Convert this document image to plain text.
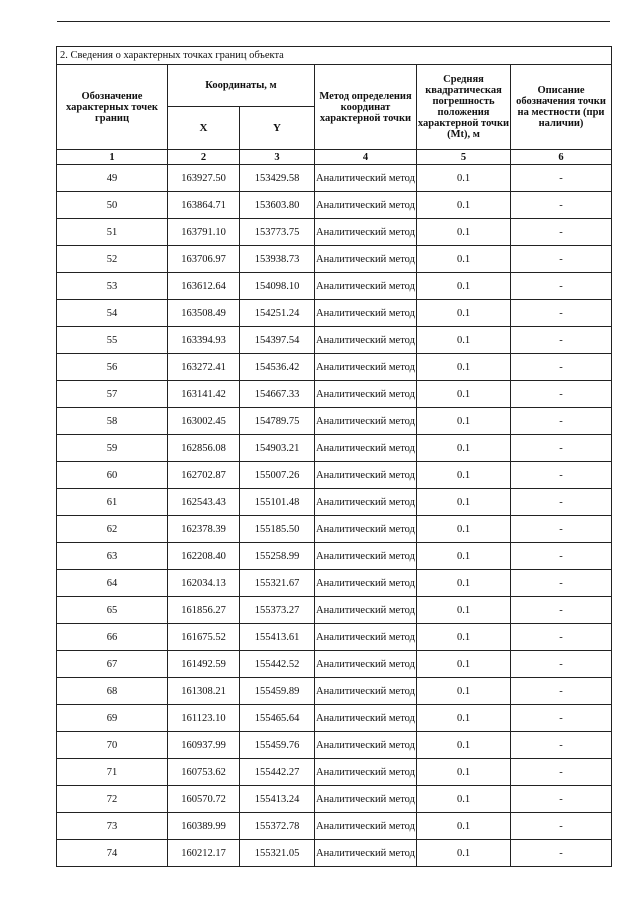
2. Сведения о характерных точках границ объекта					
Обозначение характерных точек границ	Координаты, м		Метод определения координат характерной точки	Средняя квадратическая погрешность положения характерной точки (Mt), м	Описание обозначения точки на местности (при наличии)
	X	Y			
1	2	3	4	5	6
49	163927.50	153429.58	Аналитический метод	0.1	-
50	163864.71	153603.80	Аналитический метод	0.1	-
51	163791.10	153773.75	Аналитический метод	0.1	-
52	163706.97	153938.73	Аналитический метод	0.1	-
53	163612.64	154098.10	Аналитический метод	0.1	-
54	163508.49	154251.24	Аналитический метод	0.1	-
55	163394.93	154397.54	Аналитический метод	0.1	-
56	163272.41	154536.42	Аналитический метод	0.1	-
57	163141.42	154667.33	Аналитический метод	0.1	-
58	163002.45	154789.75	Аналитический метод	0.1	-
59	162856.08	154903.21	Аналитический метод	0.1	-
60	162702.87	155007.26	Аналитический метод	0.1	-
61	162543.43	155101.48	Аналитический метод	0.1	-
62	162378.39	155185.50	Аналитический метод	0.1	-
63	162208.40	155258.99	Аналитический метод	0.1	-
64	162034.13	155321.67	Аналитический метод	0.1	-
65	161856.27	155373.27	Аналитический метод	0.1	-
66	161675.52	155413.61	Аналитический метод	0.1	-
67	161492.59	155442.52	Аналитический метод	0.1	-
68	161308.21	155459.89	Аналитический метод	0.1	-
69	161123.10	155465.64	Аналитический метод	0.1	-
70	160937.99	155459.76	Аналитический метод	0.1	-
71	160753.62	155442.27	Аналитический метод	0.1	-
72	160570.72	155413.24	Аналитический метод	0.1	-
73	160389.99	155372.78	Аналитический метод	0.1	-
74	160212.17	155321.05	Аналитический метод	0.1	-
